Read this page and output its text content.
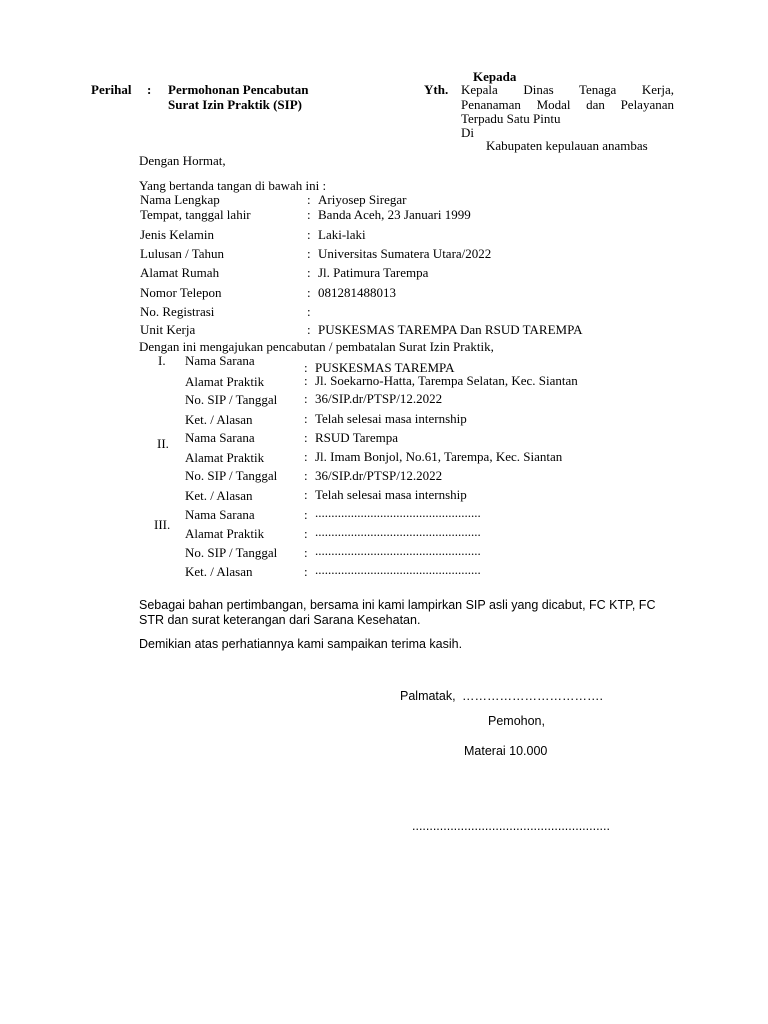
Perihal : Permohonan Pencabutan
Surat Izin Praktik (SIP)
Kepada
Yth. Kepala Dinas Tenaga Kerja,
Penanaman Modal dan Pelayanan
Terpadu Satu Pintu
Di
Kabupaten kepulauan anambas
Dengan Hormat,
Yang bertanda tangan di bawah ini :
Nama Lengkap	: Ariyosep Siregar
Tempat, tanggal lahir	: Banda Aceh, 23 Januari 1999
Jenis Kelamin	: Laki-laki
Lulusan / Tahun	: Universitas Sumatera Utara/2022
Alamat Rumah	: Jl. Patimura Tarempa
Nomor Telepon	: 081281488013
No. Registrasi	:
Unit Kerja	: PUSKESMAS TAREMPA Dan RSUD TAREMPA
Dengan ini mengajukan pencabutan / pembatalan Surat Izin Praktik,
I. Nama Sarana	: PUSKESMAS TAREMPA
Alamat Praktik	: Jl. Soekarno-Hatta, Tarempa Selatan, Kec. Siantan
No. SIP / Tanggal : 36/SIP.dr/PTSP/12.2022
Ket. / Alasan	: Telah selesai masa internship
II. Nama Sarana	: RSUD Tarempa
Alamat Praktik	: Jl. Imam Bonjol, No.61, Tarempa, Kec. Siantan
No. SIP / Tanggal : 36/SIP.dr/PTSP/12.2022
Ket. / Alasan	: Telah selesai masa internship
III.
Nama Sarana	: ...................................................
Alamat Praktik	: ...................................................
No. SIP / Tanggal : ...................................................
Ket. / Alasan	: ...................................................
Sebagai bahan pertimbangan, bersama ini kami lampirkan SIP asli yang dicabut, FC KTP, FC
STR dan surat keterangan dari Sarana Kesehatan.
Demikian atas perhatiannya kami sampaikan terima kasih.
Palmatak, …………………………….
Pemohon,
Materai 10.000
.........................................................
